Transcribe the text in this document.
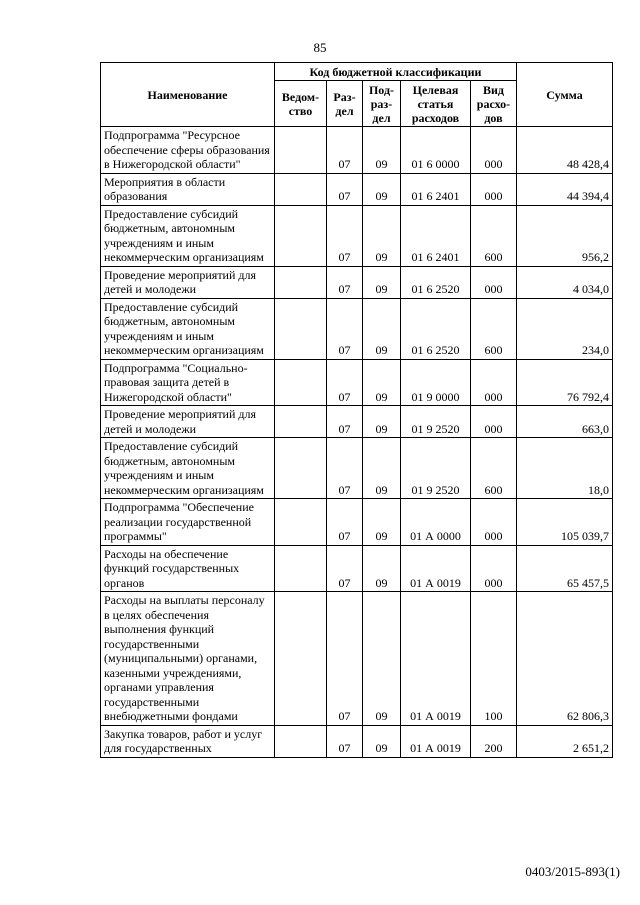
85
Наименование	Код бюджетной классификации					Сумма
	Ведом-ство	Раз-дел	Под-раз-дел	Целевая статья расходов	Вид расхо-дов	
Подпрограмма "Ресурсное обеспечение сферы образования в Нижегородской области"		07	09	01 6 0000	000	48 428,4
Мероприятия в области образования		07	09	01 6 2401	000	44 394,4
Предоставление субсидий бюджетным, автономным учреждениям и иным некоммерческим организациям		07	09	01 6 2401	600	956,2
Проведение мероприятий для детей и молодежи		07	09	01 6 2520	000	4 034,0
Предоставление субсидий бюджетным, автономным учреждениям и иным некоммерческим организациям		07	09	01 6 2520	600	234,0
Подпрограмма "Социально-правовая защита детей в Нижегородской области"		07	09	01 9 0000	000	76 792,4
Проведение мероприятий для детей и молодежи		07	09	01 9 2520	000	663,0
Предоставление субсидий бюджетным, автономным учреждениям и иным некоммерческим организациям		07	09	01 9 2520	600	18,0
Подпрограмма "Обеспечение реализации государственной программы"		07	09	01 А 0000	000	105 039,7
Расходы на обеспечение функций государственных органов		07	09	01 А 0019	000	65 457,5
Расходы на выплаты персоналу в целях обеспечения выполнения функций государственными (муниципальными) органами, казенными учреждениями, органами управления государственными внебюджетными фондами		07	09	01 А 0019	100	62 806,3
Закупка товаров, работ и услуг для государственных		07	09	01 А 0019	200	2 651,2
0403/2015-893(1)
